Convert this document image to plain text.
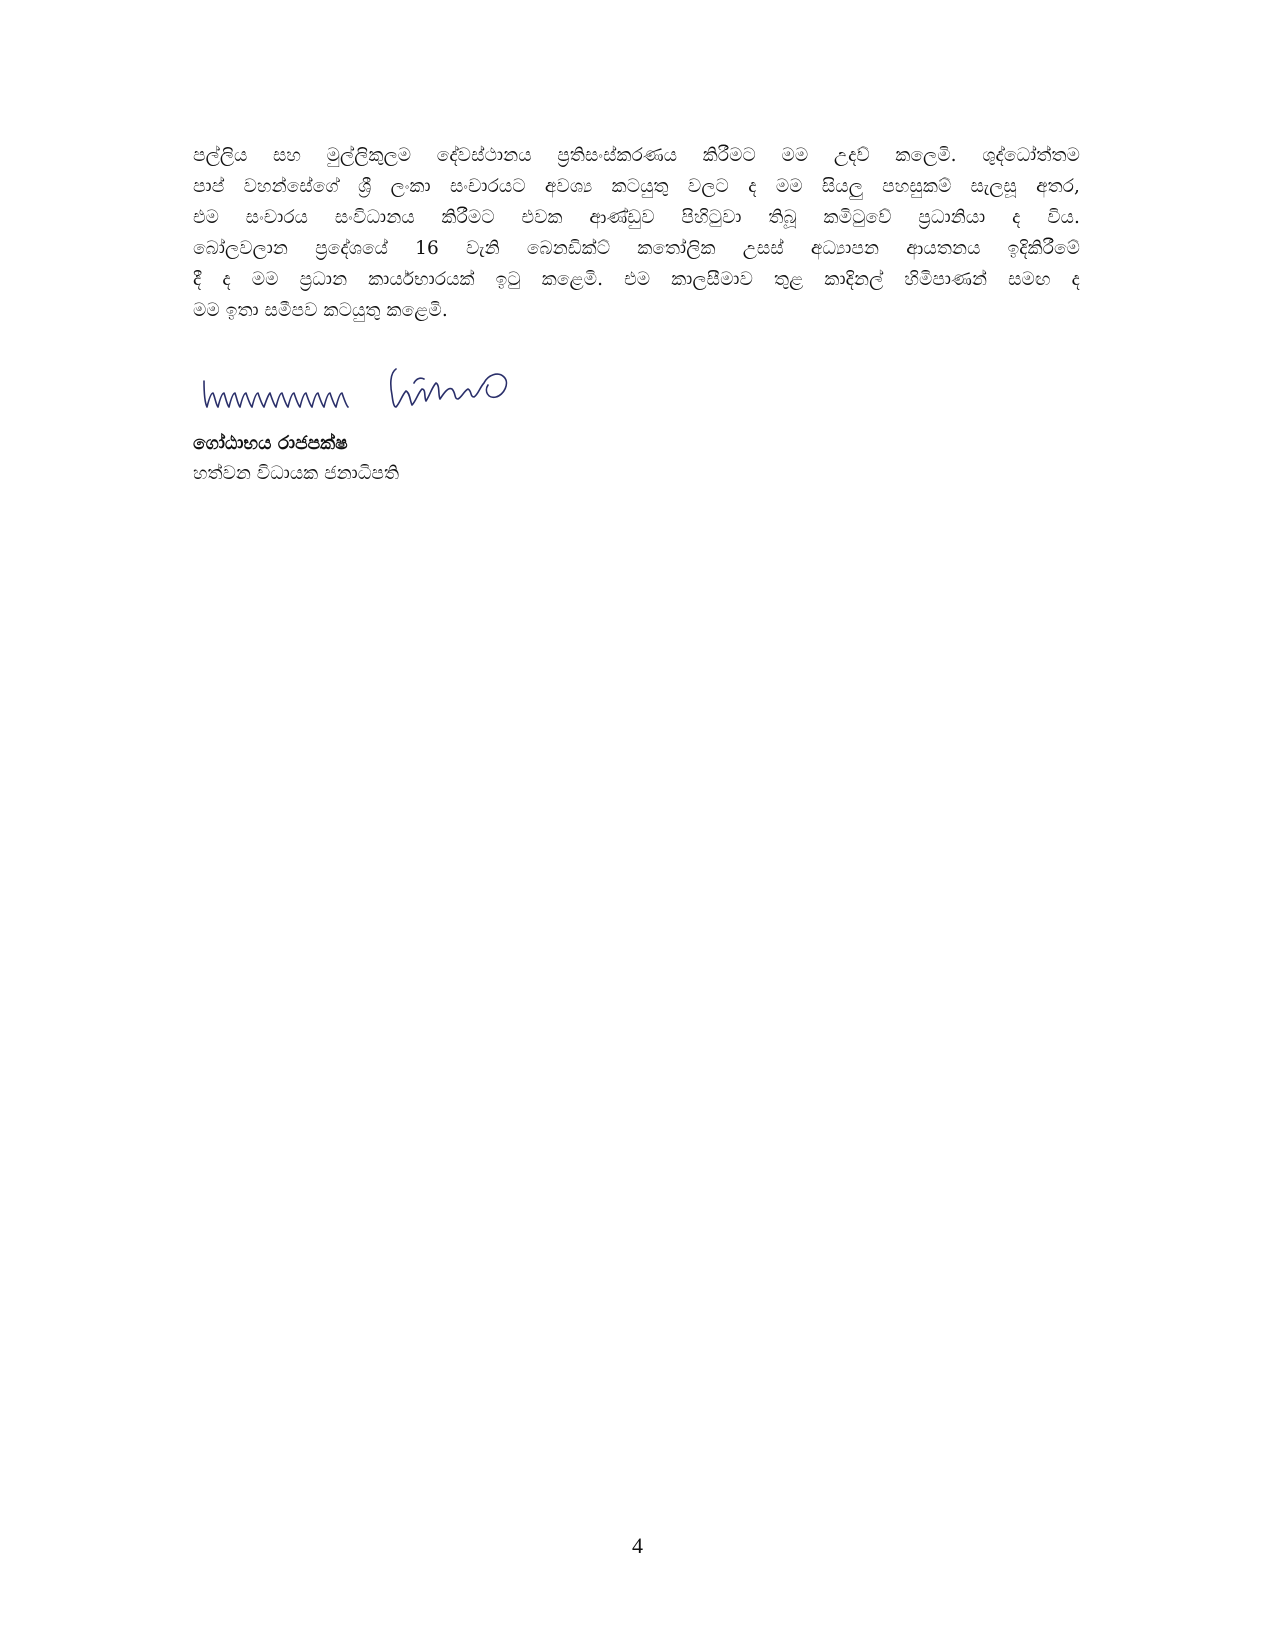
පල්ලිය සහ මුල්ලිකුලම දේවස්ථානය ප්‍රතිසංස්කරණය කිරීමට මම උදව් කලෙමි. ශුද්ධෝත්තම
පාප් වහන්සේගේ ශ්‍රී ලංකා සංචාරයට අවශ්‍ය කටයුතු වලට ද මම සියලු පහසුකම් සැලසූ අතර,
එම සංචාරය සංවිධානය කිරීමට එවක ආණ්ඩුව පිහිටුවා තිබූ කමිටුවේ ප්‍රධානියා ද විය.
බෝලවලාන ප්‍රදේශයේ 16 වැනි බෙනඩික්ට් කතෝලික උසස් අධ්‍යාපන ආයතනය ඉදිකිරීමේ
දී ද මම ප්‍රධාන කාර්යභාරයක් ඉටු කළෙමි. එම කාලසීමාව තුළ කාදිනල් හිමිපාණන් සමඟ ද
මම ඉතා සමීපව කටයුතු කළෙමි.
ගෝඨාභය රාජපක්ෂ
හත්වන විධායක ජනාධිපති
4
